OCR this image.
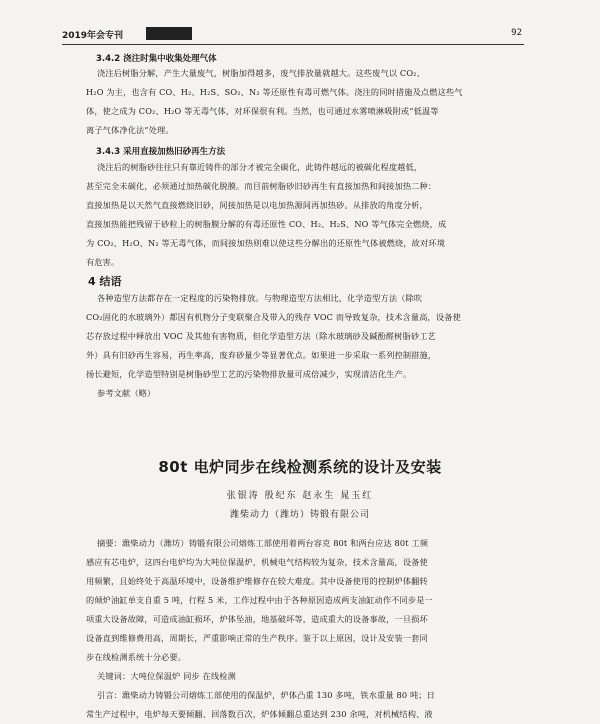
2019年会专刊	92
3.4.2 浇注时集中收集处理气体
浇注后树脂分解，产生大量废气，树脂加得越多，废气排放量就越大。这些废气以 CO₂、
H₂O 为主，也含有 CO、H₂、H₂S、SO₂、N₂ 等还原性有毒可燃气体。浇注的同时措施及点燃这些气
体，使之成为 CO₂、H₂O 等无毒气体，对环保很有利。当然，也可通过水雾喷淋吸附或“低温等
离子气体净化法”处理。
3.4.3 采用直接加热旧砂再生方法
浇注后的树脂砂往往只有靠近铸件的部分才被完全碳化，此铸件越远的被碳化程度越低，
甚至完全未碳化，必须通过加热碳化脱膜。而目前树脂砂旧砂再生有直接加热和间接加热二种：
直接加热是以天然气直接燃烧旧砂，间接加热是以电加热源间再加热砂。从排放的角度分析，
直接加热能把残留于砂粒上的树脂膜分解的有毒还原性 CO、H₂、H₂S、NO 等气体完全燃烧，成
为 CO₂、H₂O、N₂ 等无毒气体，而间接加热则难以使这些分解出的还原性气体被燃烧，故对环境
有危害。
4 结语
各种造型方法都存在一定程度的污染物排放。与物理造型方法相比，化学造型方法（除吹
CO₂固化的水玻璃外）都因有机物分子变联聚合及带入的残存 VOC 而导致复杂，技术含量高，设备使
芯存放过程中释放出 VOC 及其他有害物质，但化学造型方法（除水玻璃砂及碱酚醛树脂砂工艺
外）具有旧砂再生容易，再生率高，废弃砂量少等显著优点。如果进一步采取一系列控制措施，
扬长避短，化学造型特别是树脂砂型工艺的污染物排放量可成倍减少，实现清洁化生产。
参考文献（略）
80t 电炉同步在线检测系统的设计及安装
张银涛 殷纪东 赵永生 晁玉红
潍柴动力（潍坊）铸锻有限公司
摘要：潍柴动力（潍坊）铸锻有限公司熔炼工部使用着两台容克 80t 和两台应达 80t 工频
感应有芯电炉，这四台电炉均为大吨位保温炉，机械电气结构较为复杂，技术含量高，设备使
用频繁，且始终处于高温环境中，设备维护维修存在较大难度。其中设备使用的控制炉体翻转
的倾炉油缸单支自重 5 吨，行程 5 米，工作过程中由于各种原因造成两支油缸动作不同步是一
项重大设备故障，可造成油缸损坏，炉体坠油，地基破坏等，造成重大的设备事故，一旦损坏
设备直到维修费用高，周期长，严重影响正常的生产秩序。鉴于以上原因，设计及安装一套同
步在线检测系统十分必要。
关键词：大吨位保温炉 同步 在线检测
引言：潍柴动力铸锻公司熔炼工部使用的保温炉，炉体凸重 130 多吨，铁水重量 80 吨；日
常生产过程中，电炉每天要倾翻、回落数百次，炉体倾翻总重达到 230 余吨，对机械结构、液
